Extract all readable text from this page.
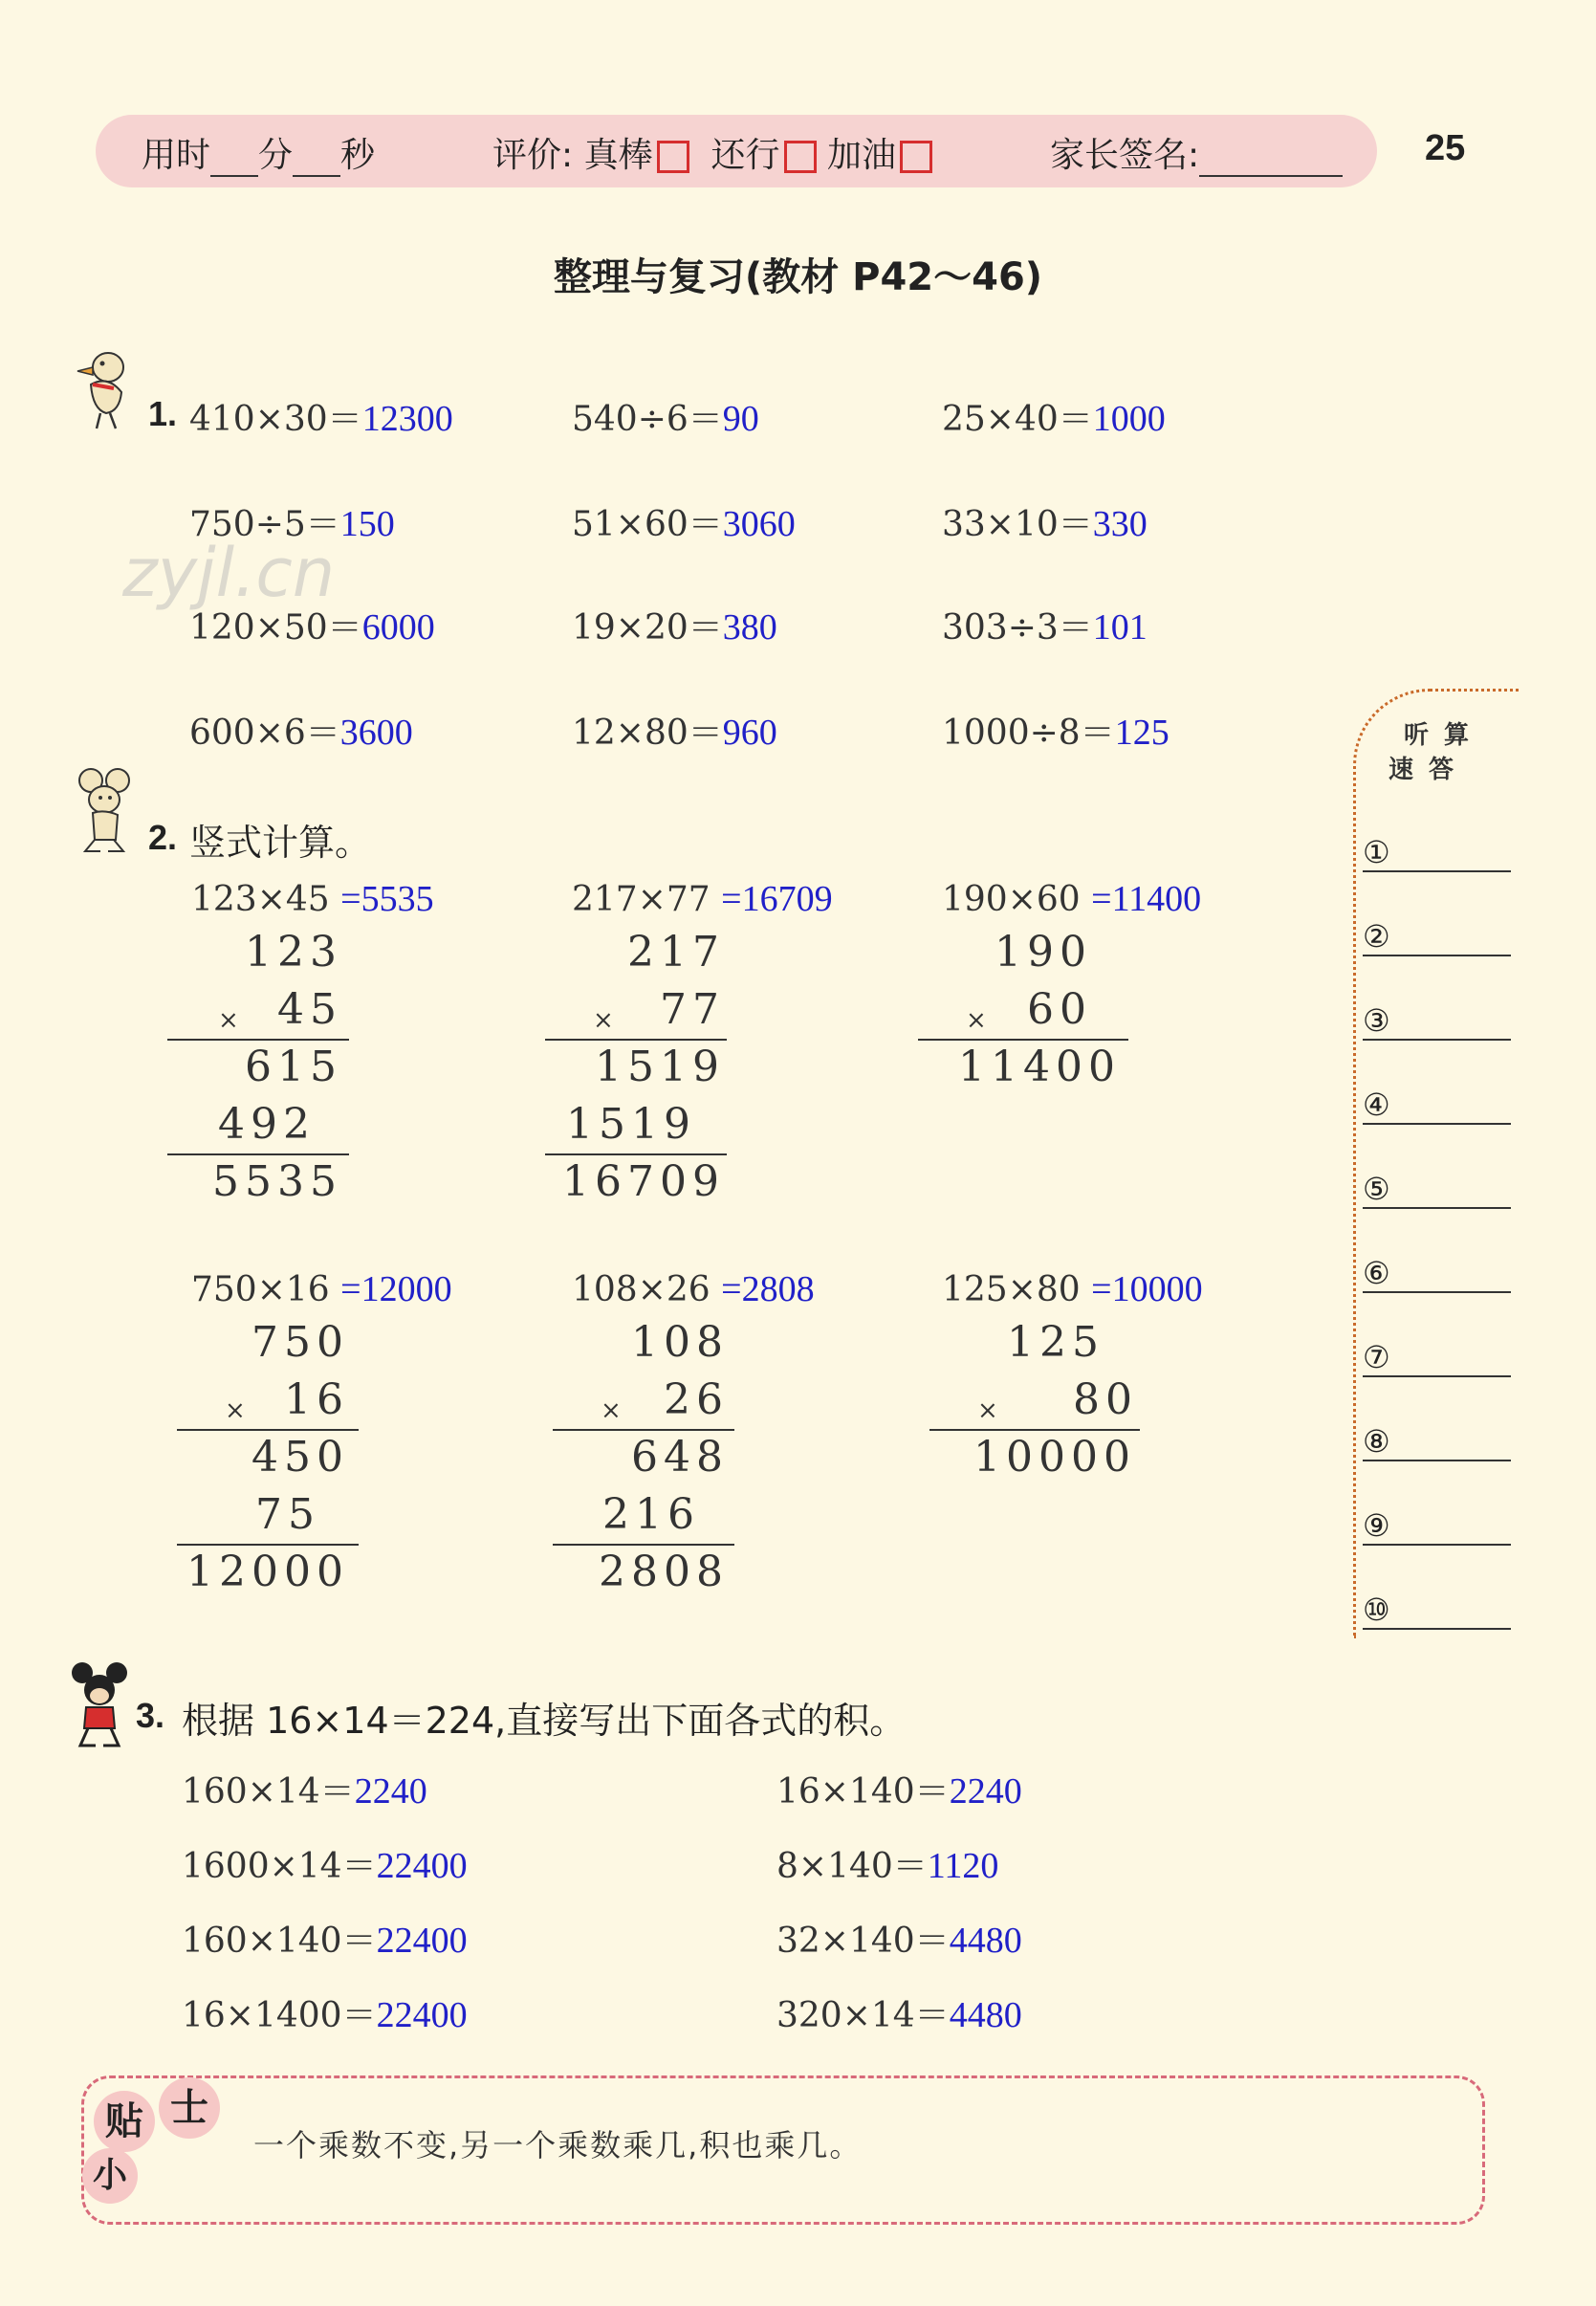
用时 分 秒	评价: 真棒 还行 加油	家长签名:	25
整理与复习(教材 P42～46)
zyjl.cn
1. 410×30＝12300	540÷6＝90	25×40＝1000
750÷5＝150	51×60＝3060	33×10＝330
120×50＝6000	19×20＝380	303÷3＝101
600×6＝3600	12×80＝960	1000÷8＝125
2. 竖式计算。
123×45 =5535
123
× 45
615
492
5535
217×77 =16709
217
×	77
1519
1519
16709
190×60 =11400
190
× 60
11400
750×16 =12000
750
× 16
450
75
12000
108×26 =2808
108
×	26
648
216
2808
125×80 =10000
125
×	80
10000
听 算
速 答
①
②
③
④
⑤
⑥
⑦
⑧
⑨
⑩
3. 根据 16×14＝224,直接写出下面各式的积。
160×14＝2240	16×140＝2240
1600×14＝22400	8×140＝1120
160×140＝22400	32×140＝4480
16×1400＝22400	320×14＝4480
贴 士
小
一个乘数不变,另一个乘数乘几,积也乘几。
